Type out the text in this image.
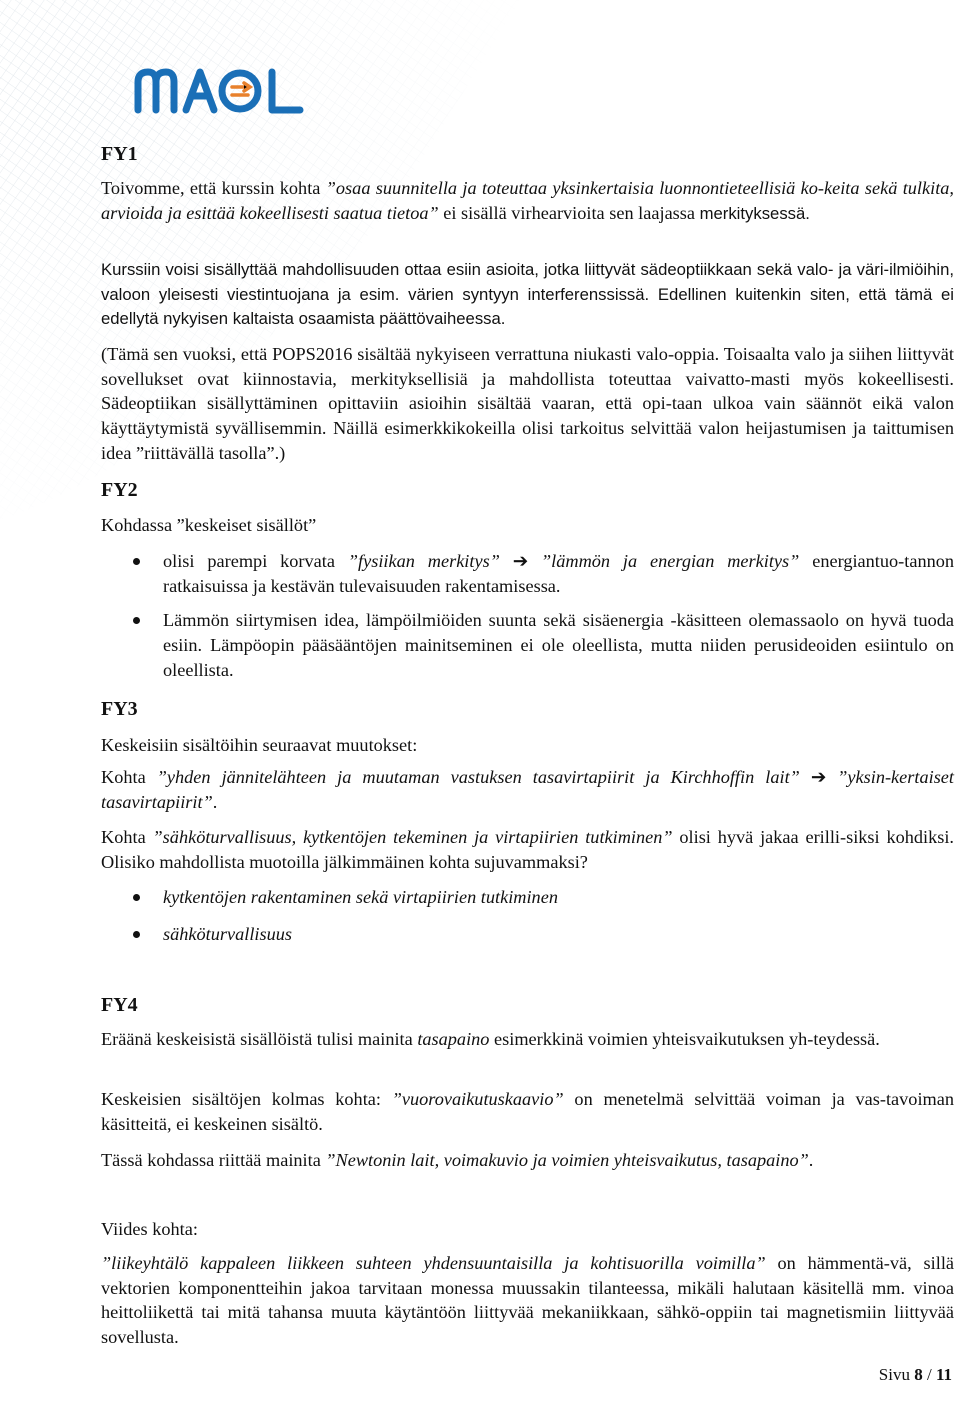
FY1

Toivomme, että kurssin kohta ”osaa suunnitella ja toteuttaa yksinkertaisia luonnontieteellisiä ko-keita sekä tulkita, arvioida ja esittää kokeellisesti saatua tietoa” ei sisällä virhearvioita sen laajassa merkityksessä.

Kurssiin voisi sisällyttää mahdollisuuden ottaa esiin asioita, jotka liittyvät sädeoptiikkaan sekä valo- ja väri-ilmiöihin, valoon yleisesti viestintuojana ja esim. värien syntyyn interferenssissä. Edellinen kuitenkin siten, että tämä ei edellytä nykyisen kaltaista osaamista päättövaiheessa.

(Tämä sen vuoksi, että POPS2016 sisältää nykyiseen verrattuna niukasti valo-oppia. Toisaalta valo ja siihen liittyvät sovellukset ovat kiinnostavia, merkityksellisiä ja mahdollista toteuttaa vaivatto-masti myös kokeellisesti. Sädeoptiikan sisällyttäminen opittaviin asioihin sisältää vaaran, että opi-taan ulkoa vain säännöt eikä valon käyttäytymistä syvällisemmin. Näillä esimerkkikokeilla olisi tarkoitus selvittää valon heijastumisen ja taittumisen idea ”riittävällä tasolla”.)

FY2

Kohdassa ”keskeiset sisällöt”

olisi parempi korvata ”fysiikan merkitys” ➔ ”lämmön ja energian merkitys” energiantuo-tannon ratkaisuissa ja kestävän tulevaisuuden rakentamisessa.

Lämmön siirtymisen idea, lämpöilmiöiden suunta sekä sisäenergia -käsitteen olemassaolo on hyvä tuoda esiin. Lämpöopin pääsääntöjen mainitseminen ei ole oleellista, mutta niiden perusideoiden esiintulo on oleellista.

FY3

Keskeisiin sisältöihin seuraavat muutokset:

Kohta ”yhden jännitelähteen ja muutaman vastuksen tasavirtapiirit ja Kirchhoffin lait” ➔ ”yksin-kertaiset tasavirtapiirit”.

Kohta ”sähköturvallisuus, kytkentöjen tekeminen ja virtapiirien tutkiminen” olisi hyvä jakaa erilli-siksi kohdiksi. Olisiko mahdollista muotoilla jälkimmäinen kohta sujuvammaksi?

kytkentöjen rakentaminen sekä virtapiirien tutkiminen

sähköturvallisuus

FY4

Eräänä keskeisistä sisällöistä tulisi mainita tasapaino esimerkkinä voimien yhteisvaikutuksen yh-teydessä.

Keskeisien sisältöjen kolmas kohta: ”vuorovaikutuskaavio” on menetelmä selvittää voiman ja vas-tavoiman käsitteitä, ei keskeinen sisältö.

Tässä kohdassa riittää mainita ”Newtonin lait, voimakuvio ja voimien yhteisvaikutus, tasapaino”.

Viides kohta:

”liikeyhtälö kappaleen liikkeen suhteen yhdensuuntaisilla ja kohtisuorilla voimilla” on hämmentä-vä, sillä vektorien komponentteihin jakoa tarvitaan monessa muussakin tilanteessa, mikäli halutaan käsitellä mm. vinoa heittoliikettä tai mitä tahansa muuta käytäntöön liittyvää mekaniikkaan, sähkö-oppiin tai magnetismiin liittyvää sovellusta.

Sivu 8 / 11
